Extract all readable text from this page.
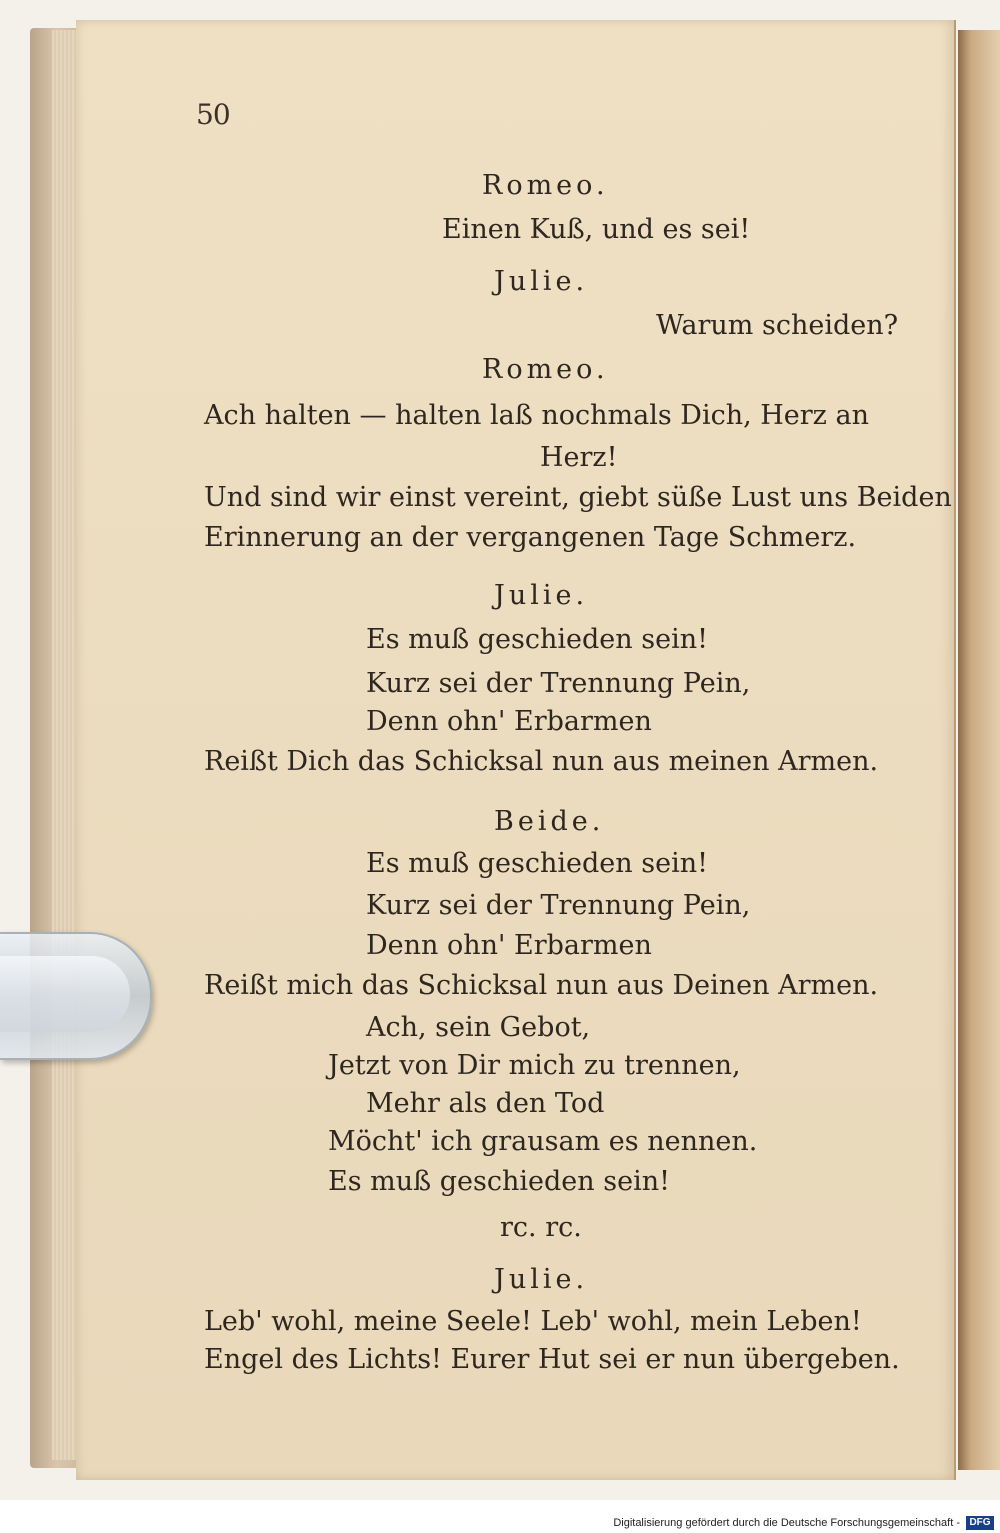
50
Romeo.
Einen Kuß, und es sei!
Julie.
Warum scheiden?
Romeo.
Ach halten — halten laß nochmals Dich, Herz an
Herz!
Und sind wir einst vereint, giebt süße Lust uns Beiden
Erinnerung an der vergangenen Tage Schmerz.
Julie.
Es muß geschieden sein!
Kurz sei der Trennung Pein,
Denn ohn' Erbarmen
Reißt Dich das Schicksal nun aus meinen Armen.
Beide.
Es muß geschieden sein!
Kurz sei der Trennung Pein,
Denn ohn' Erbarmen
Reißt mich das Schicksal nun aus Deinen Armen.
Ach, sein Gebot,
Jetzt von Dir mich zu trennen,
Mehr als den Tod
Möcht' ich grausam es nennen.
Es muß geschieden sein!
rc. rc.
Julie.
Leb' wohl, meine Seele! Leb' wohl, mein Leben!
Engel des Lichts! Eurer Hut sei er nun übergeben.
Digitalisierung gefördert durch die Deutsche Forschungsgemeinschaft - DFG
